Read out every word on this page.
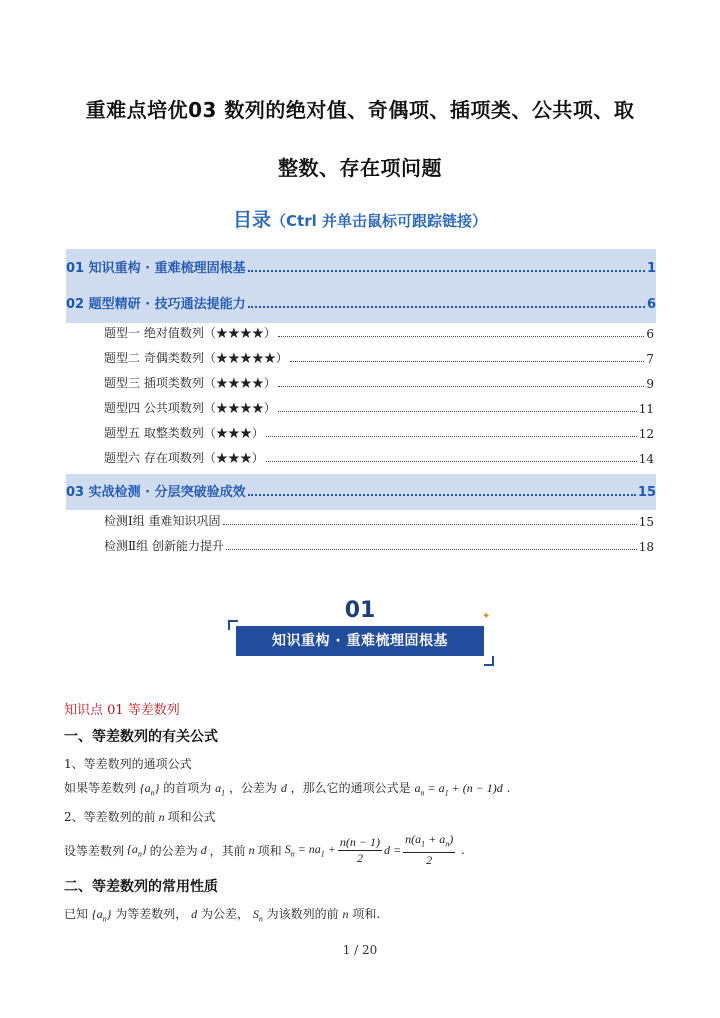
重难点培优03 数列的绝对值、奇偶项、插项类、公共项、取
整数、存在项问题
目录（Ctrl 并单击鼠标可跟踪链接）
01 知识重构 · 重难梳理固根基	1
02 题型精研 · 技巧通法提能力	6
题型一 绝对值数列（★★★★）	6
题型二 奇偶类数列（★★★★★）	7
题型三 插项类数列（★★★★）	9
题型四 公共项数列（★★★★）	11
题型五 取整类数列（★★★）	12
题型六 存在项数列（★★★）	14
03 实战检测 · 分层突破验成效	15
检测Ⅰ组 重难知识巩固	15
检测Ⅱ组 创新能力提升	18
01	✦
知识重构 · 重难梳理固根基
知识点 01 等差数列
一、等差数列的有关公式
1、等差数列的通项公式
如果等差数列 $\{a_n\}$ 的首项为 $a_1$ ，公差为 d ，那么它的通项公式是 $a_n = a_1 + (n - 1)d$ .
2、等差数列的前 n 项和公式
设等差数列 $\{a_n\}$ 的公差为 d ，其前 n 项和 $S_n = na_1 + \frac{n(n - 1)}{2}$ $d = \frac{n(a_1 + a_n)}{2}$ .
二、等差数列的常用性质
已知 $\{a_n\}$ 为等差数列， d 为公差， $S_n$ 为该数列的前 n 项和.
1 / 20
